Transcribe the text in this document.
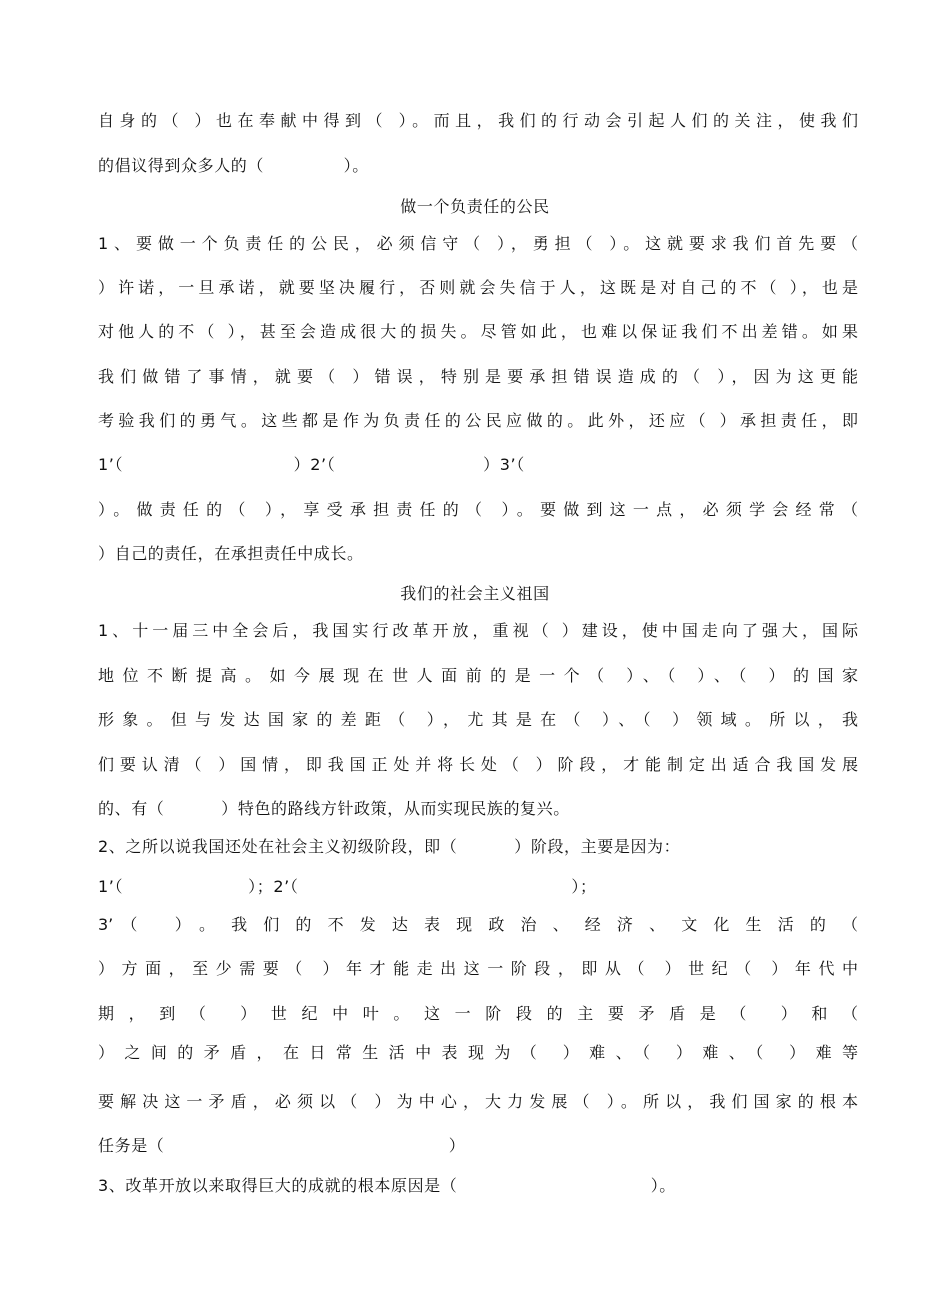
自身的（ ）也在奉献中得到（ ）。而且，我们的行动会引起人们的关注，使我们
的倡议得到众多人的（              ）。
做一个负责任的公民
1、要做一个负责任的公民，必须信守（ ），勇担（ ）。这就要求我们首先要（
）许诺，一旦承诺，就要坚决履行，否则就会失信于人，这既是对自己的不（ ），也是
对他人的不（ ），甚至会造成很大的损失。尽管如此，也难以保证我们不出差错。如果
我们做错了事情，就要（ ）错误，特别是要承担错误造成的（ ），因为这更能
考验我们的勇气。这些都是作为负责任的公民应做的。此外，还应（ ）承担责任，即
1’（                              ）2’（                          ）3’（
）。做责任的（ ），享受承担责任的（ ）。要做到这一点，必须学会经常（
）自己的责任，在承担责任中成长。
我们的社会主义祖国
1、十一届三中全会后，我国实行改革开放，重视（ ）建设，使中国走向了强大，国际
地位不断提高。如今展现在世人面前的是一个（ ）、（ ）、（ ）的国家
形象。但与发达国家的差距（ ），尤其是在（ ）、（ ）领域。所以，我
们要认清（ ）国情，即我国正处并将长处（ ）阶段，才能制定出适合我国发展
的、有（          ）特色的路线方针政策，从而实现民族的复兴。
2、之所以说我国还处在社会主义初级阶段，即（          ）阶段，主要是因为：
1’（                      ）；2’（                                                ）；
3’（ ）。我们的不发达表现政治、经济、文化生活的（
）方面，至少需要（ ）年才能走出这一阶段，即从（ ）世纪（ ）年代中
期，到（ ）世纪中叶。这一阶段的主要矛盾是（ ）和（
）之间的矛盾，在日常生活中表现为（ ）难、（ ）难、（ ）难等
要解决这一矛盾，必须以（ ）为中心，大力发展（ ）。所以，我们国家的根本
任务是（                                                  ）
3、改革开放以来取得巨大的成就的根本原因是（                                  ）。
